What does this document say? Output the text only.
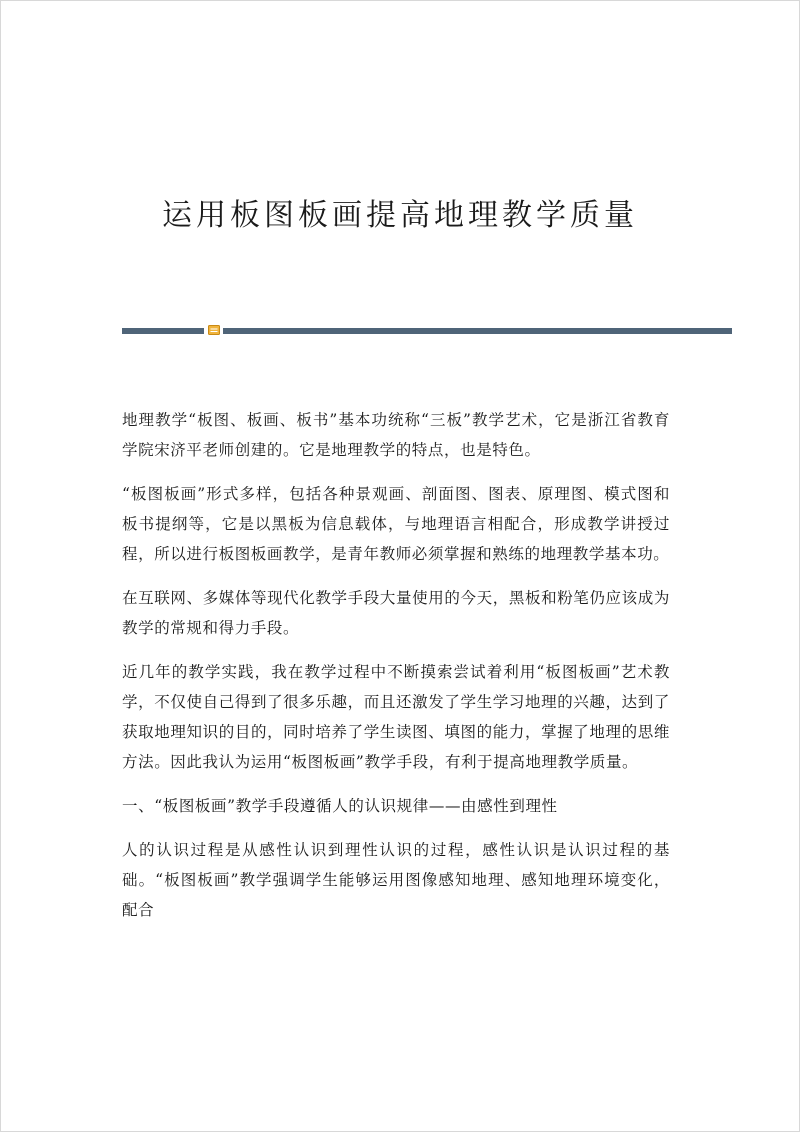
运用板图板画提高地理教学质量

地理教学“板图、板画、板书”基本功统称“三板”教学艺术，它是浙江省教育学院宋济平老师创建的。它是地理教学的特点，也是特色。

“板图板画”形式多样，包括各种景观画、剖面图、图表、原理图、模式图和板书提纲等，它是以黑板为信息载体，与地理语言相配合，形成教学讲授过程，所以进行板图板画教学，是青年教师必须掌握和熟练的地理教学基本功。

在互联网、多媒体等现代化教学手段大量使用的今天，黑板和粉笔仍应该成为教学的常规和得力手段。

近几年的教学实践，我在教学过程中不断摸索尝试着利用“板图板画”艺术教学，不仅使自己得到了很多乐趣，而且还激发了学生学习地理的兴趣，达到了获取地理知识的目的，同时培养了学生读图、填图的能力，掌握了地理的思维方法。因此我认为运用“板图板画”教学手段，有利于提高地理教学质量。

一、“板图板画”教学手段遵循人的认识规律——由感性到理性

人的认识过程是从感性认识到理性认识的过程，感性认识是认识过程的基础。“板图板画”教学强调学生能够运用图像感知地理、感知地理环境变化，配合
